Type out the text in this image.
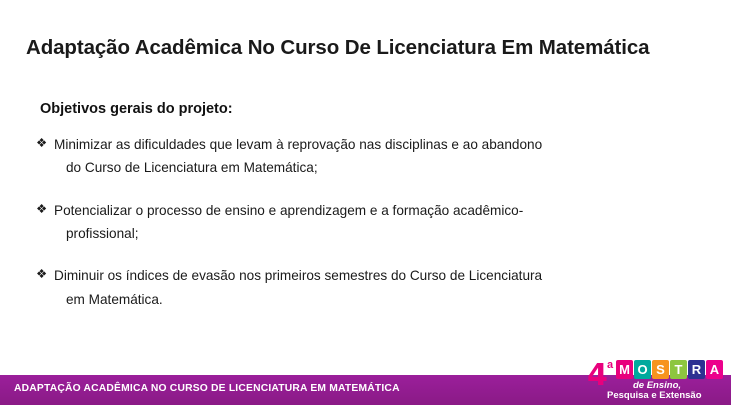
Adaptação Acadêmica No Curso De Licenciatura Em Matemática
Objetivos gerais do projeto:
❖ Minimizar as dificuldades que levam à reprovação nas disciplinas e ao abandono
do Curso de Licenciatura em Matemática;
❖ Potencializar o processo de ensino e aprendizagem e a formação acadêmico-
profissional;
❖ Diminuir os índices de evasão nos primeiros semestres do Curso de Licenciatura
em Matemática.
ADAPTAÇÃO ACADÊMICA NO CURSO DE LICENCIATURA EM MATEMÁTICA	4 a M O S T R A
de Ensino,
Pesquisa e Extensão
